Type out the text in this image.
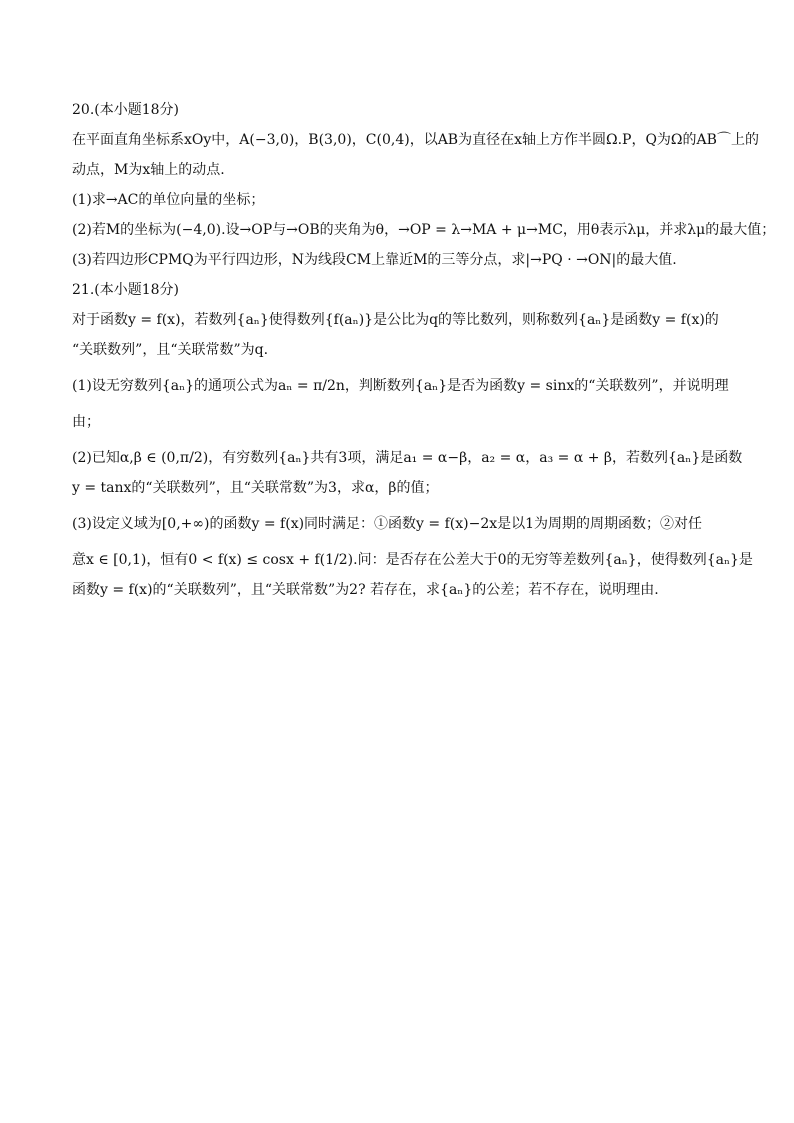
20.(本小题18分)

在平面直角坐标系xOy中，A(−3,0)，B(3,0)，C(0,4)，以AB为直径在x轴上方作半圆Ω.P，Q为Ω的AB⌒上的

动点，M为x轴上的动点.

(1)求→AC的单位向量的坐标；

(2)若M的坐标为(−4,0).设→OP与→OB的夹角为θ，→OP = λ→MA + μ→MC，用θ表示λμ，并求λμ的最大值；

(3)若四边形CPMQ为平行四边形，N为线段CM上靠近M的三等分点，求|→PQ · →ON|的最大值.

21.(本小题18分)

对于函数y = f(x)，若数列{aₙ}使得数列{f(aₙ)}是公比为q的等比数列，则称数列{aₙ}是函数y = f(x)的

“关联数列”，且“关联常数”为q.

(1)设无穷数列{aₙ}的通项公式为aₙ = π/2n，判断数列{aₙ}是否为函数y = sinx的“关联数列”，并说明理

由；

(2)已知α,β ∈ (0,π/2)，有穷数列{aₙ}共有3项，满足a₁ = α−β，a₂ = α，a₃ = α + β，若数列{aₙ}是函数

y = tanx的“关联数列”，且“关联常数”为3，求α，β的值；

(3)设定义域为[0,+∞)的函数y = f(x)同时满足：①函数y = f(x)−2x是以1为周期的周期函数；②对任

意x ∈ [0,1)，恒有0 < f(x) ≤ cosx + f(1/2).问：是否存在公差大于0的无穷等差数列{aₙ}，使得数列{aₙ}是

函数y = f(x)的“关联数列”，且“关联常数”为2? 若存在，求{aₙ}的公差；若不存在，说明理由.
